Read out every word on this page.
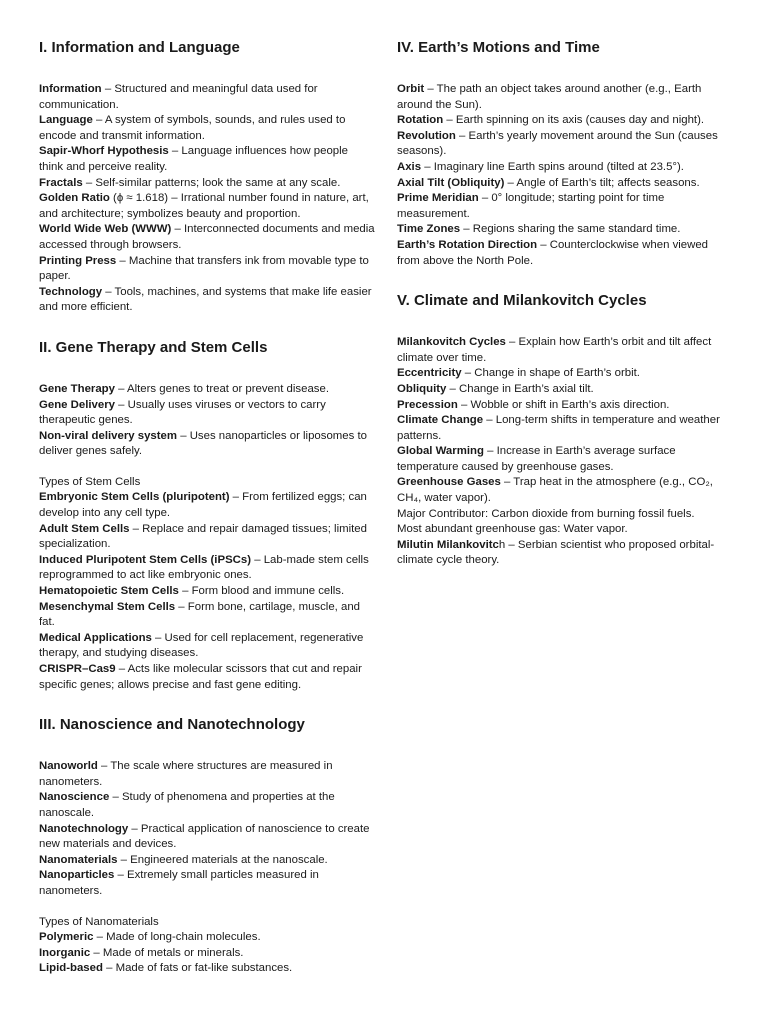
I. Information and Language

Information – Structured and meaningful data used for communication.

Language – A system of symbols, sounds, and rules used to encode and transmit information.

Sapir-Whorf Hypothesis – Language influences how people think and perceive reality.

Fractals – Self-similar patterns; look the same at any scale.

Golden Ratio (ϕ ≈ 1.618) – Irrational number found in nature, art, and architecture; symbolizes beauty and proportion.

World Wide Web (WWW) – Interconnected documents and media accessed through browsers.

Printing Press – Machine that transfers ink from movable type to paper.

Technology – Tools, machines, and systems that make life easier and more efficient.

II. Gene Therapy and Stem Cells

Gene Therapy – Alters genes to treat or prevent disease.

Gene Delivery – Usually uses viruses or vectors to carry therapeutic genes.

Non-viral delivery system – Uses nanoparticles or liposomes to deliver genes safely.

Types of Stem Cells

Embryonic Stem Cells (pluripotent) – From fertilized eggs; can develop into any cell type.

Adult Stem Cells – Replace and repair damaged tissues; limited specialization.

Induced Pluripotent Stem Cells (iPSCs) – Lab-made stem cells reprogrammed to act like embryonic ones.

Hematopoietic Stem Cells – Form blood and immune cells.

Mesenchymal Stem Cells – Form bone, cartilage, muscle, and fat.

Medical Applications – Used for cell replacement, regenerative therapy, and studying diseases.

CRISPR–Cas9 – Acts like molecular scissors that cut and repair specific genes; allows precise and fast gene editing.

III. Nanoscience and Nanotechnology

Nanoworld – The scale where structures are measured in nanometers.

Nanoscience – Study of phenomena and properties at the nanoscale.

Nanotechnology – Practical application of nanoscience to create new materials and devices.

Nanomaterials – Engineered materials at the nanoscale.

Nanoparticles – Extremely small particles measured in nanometers.

Types of Nanomaterials

Polymeric – Made of long-chain molecules.

Inorganic – Made of metals or minerals.

Lipid-based – Made of fats or fat-like substances.

IV. Earth’s Motions and Time

Orbit – The path an object takes around another (e.g., Earth around the Sun).

Rotation – Earth spinning on its axis (causes day and night).

Revolution – Earth’s yearly movement around the Sun (causes seasons).

Axis – Imaginary line Earth spins around (tilted at 23.5°).

Axial Tilt (Obliquity) – Angle of Earth’s tilt; affects seasons.

Prime Meridian – 0° longitude; starting point for time measurement.

Time Zones – Regions sharing the same standard time.

Earth’s Rotation Direction – Counterclockwise when viewed from above the North Pole.

V. Climate and Milankovitch Cycles

Milankovitch Cycles – Explain how Earth’s orbit and tilt affect climate over time.

Eccentricity – Change in shape of Earth’s orbit.

Obliquity – Change in Earth’s axial tilt.

Precession – Wobble or shift in Earth’s axis direction.

Climate Change – Long-term shifts in temperature and weather patterns.

Global Warming – Increase in Earth’s average surface temperature caused by greenhouse gases.

Greenhouse Gases – Trap heat in the atmosphere (e.g., CO₂, CH₄, water vapor).

Major Contributor: Carbon dioxide from burning fossil fuels.

Most abundant greenhouse gas: Water vapor.

Milutin Milankovitch – Serbian scientist who proposed orbital-climate cycle theory.
